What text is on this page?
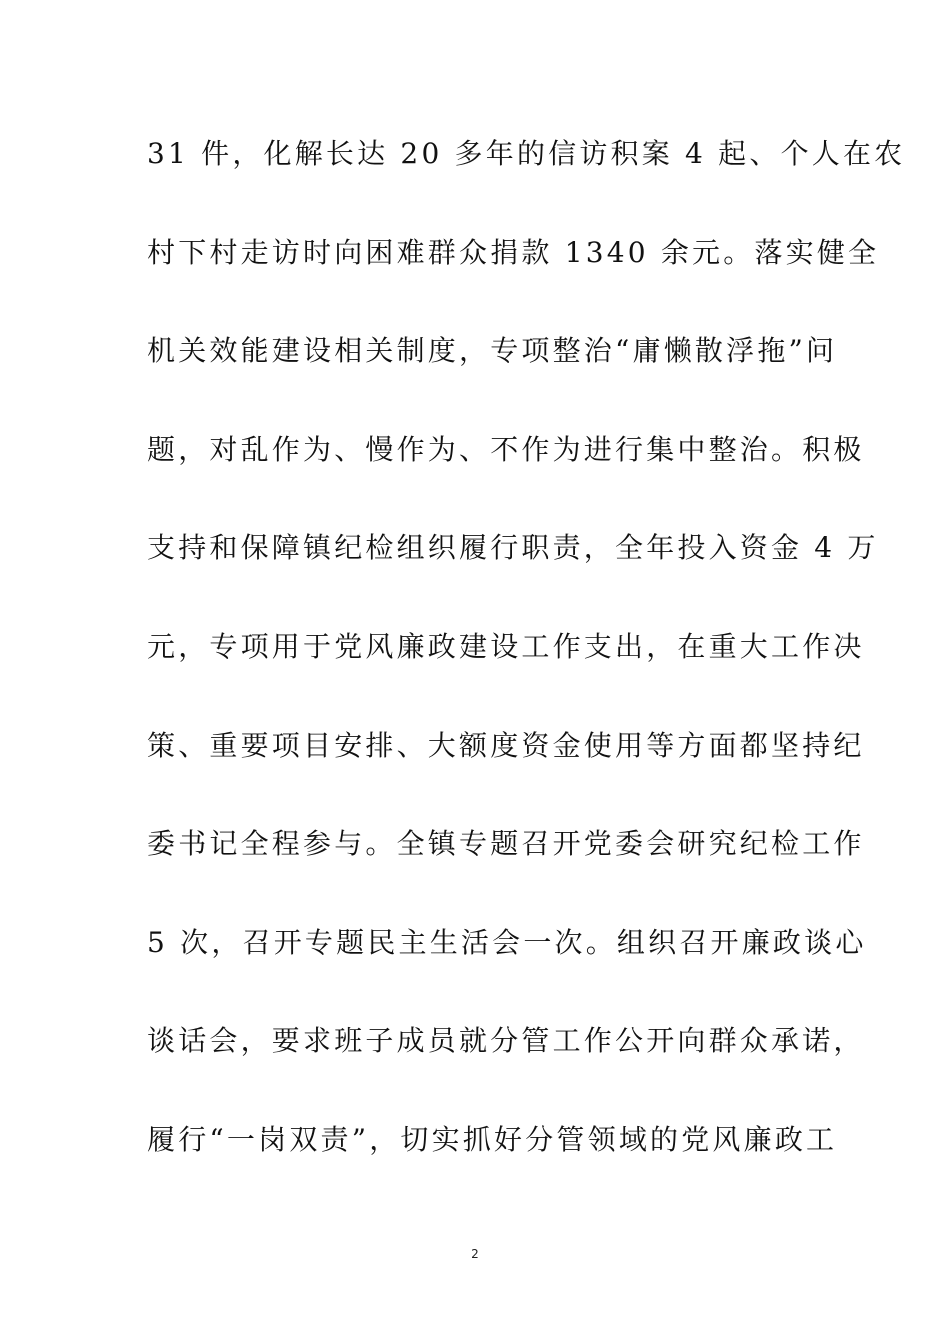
31 件，化解长达 20 多年的信访积案 4 起、个人在农
村下村走访时向困难群众捐款 1340 余元。落实健全
机关效能建设相关制度，专项整治“庸懒散浮拖”问
题，对乱作为、慢作为、不作为进行集中整治。积极
支持和保障镇纪检组织履行职责，全年投入资金 4 万
元，专项用于党风廉政建设工作支出，在重大工作决
策、重要项目安排、大额度资金使用等方面都坚持纪
委书记全程参与。全镇专题召开党委会研究纪检工作
5 次，召开专题民主生活会一次。组织召开廉政谈心
谈话会，要求班子成员就分管工作公开向群众承诺，
履行“一岗双责”，切实抓好分管领域的党风廉政工
2
